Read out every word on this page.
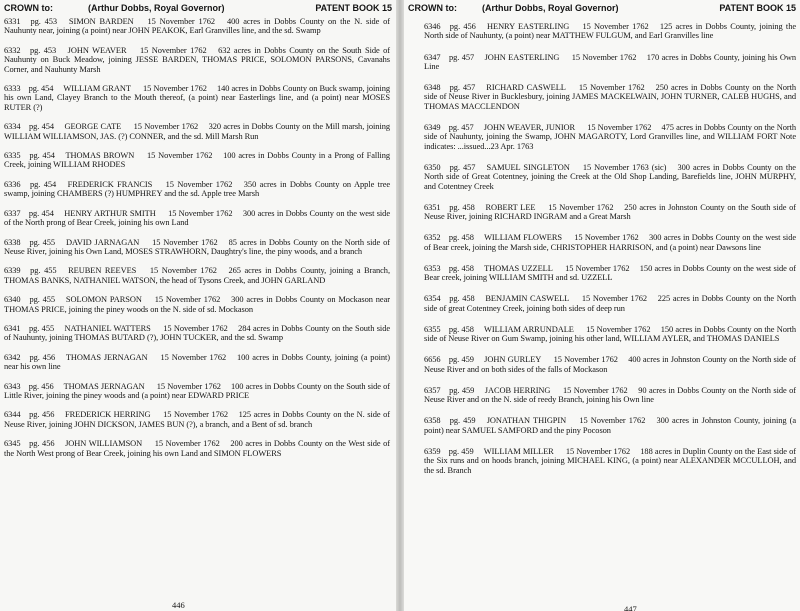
CROWN to:	(Arthur Dobbs, Royal Governor)	PATENT BOOK 15

6331 pg. 453 SIMON BARDEN 15 November 1762 400 acres in Dobbs County on the N. side of Nauhunty near, joining (a point) near JOHN PEAKOK, Earl Granvilles line, and the sd. Swamp

6332 pg. 453 JOHN WEAVER 15 November 1762 632 acres in Dobbs County on the South Side of Nauhunty on Buck Meadow, joining JESSE BARDEN, THOMAS PRICE, SOLOMON PARSONS, Cavanahs Corner, and Nauhunty Marsh

6333 pg. 454 WILLIAM GRANT 15 November 1762 140 acres in Dobbs County on Buck swamp, joining his own Land, Clayey Branch to the Mouth thereof, (a point) near Easterlings line, and (a point) near MOSES RUTER (?)

6334 pg. 454 GEORGE CATE 15 November 1762 320 acres in Dobbs County on the Mill marsh, joining WILLIAM WILLIAMSON, JAS. (?) CONNER, and the sd. Mill Marsh Run

6335 pg. 454 THOMAS BROWN 15 November 1762 100 acres in Dobbs County in a Prong of Falling Creek, joining WILLIAM RHODES

6336 pg. 454 FREDERICK FRANCIS 15 November 1762 350 acres in Dobbs County on Apple tree swamp, joining CHAMBERS (?) HUMPHREY and the sd. Apple tree Marsh

6337 pg. 454 HENRY ARTHUR SMITH 15 November 1762 300 acres in Dobbs County on the west side of the North prong of Bear Creek, joining his own Land

6338 pg. 455 DAVID JARNAGAN 15 November 1762 85 acres in Dobbs County on the North side of Neuse River, joining his Own Land, MOSES STRAWHORN, Daughtry's line, the piny woods, and a branch

6339 pg. 455 REUBEN REEVES 15 November 1762 265 acres in Dobbs County, joining a Branch, THOMAS BANKS, NATHANIEL WATSON, the head of Tysons Creek, and JOHN GARLAND

6340 pg. 455 SOLOMON PARSON 15 November 1762 300 acres in Dobbs County on Mockason near THOMAS PRICE, joining the piney woods on the N. side of sd. Mockason

6341 pg. 455 NATHANIEL WATTERS 15 November 1762 284 acres in Dobbs County on the South side of Nauhunty, joining THOMAS BUTARD (?), JOHN TUCKER, and the sd. Swamp

6342 pg. 456 THOMAS JERNAGAN 15 November 1762 100 acres in Dobbs County, joining (a point) near his own line

6343 pg. 456 THOMAS JERNAGAN 15 November 1762 100 acres in Dobbs County on the South side of Little River, joining the piney woods and (a point) near EDWARD PRICE

6344 pg. 456 FREDERICK HERRING 15 November 1762 125 acres in Dobbs County on the N. side of Neuse River, joining JOHN DICKSON, JAMES BUN (?), a branch, and a Bent of sd. branch

6345 pg. 456 JOHN WILLIAMSON 15 November 1762 200 acres in Dobbs County on the West side of the North West prong of Bear Creek, joining his own Land and SIMON FLOWERS

446
CROWN to:	(Arthur Dobbs, Royal Governor)	PATENT BOOK 15

6346 pg. 456 HENRY EASTERLING 15 November 1762 125 acres in Dobbs County, joining the North side of Nauhunty, (a point) near MATTHEW FULGUM, and Earl Granvilles line

6347 pg. 457 JOHN EASTERLING 15 November 1762 170 acres in Dobbs County, joining his Own Line

6348 pg. 457 RICHARD CASWELL 15 November 1762 250 acres in Dobbs County on the North side of Neuse River in Bucklesbury, joining JAMES MACKELWAIN, JOHN TURNER, CALEB HUGHS, and THOMAS MACCLENDON

6349 pg. 457 JOHN WEAVER, JUNIOR 15 November 1762 475 acres in Dobbs County on the North side of Nauhunty, joining the Swamp, JOHN MAGAROTY, Lord Granvilles line, and WILLIAM FORT Note indicates: ...issued...23 Apr. 1763

6350 pg. 457 SAMUEL SINGLETON 15 November 1763 (sic) 300 acres in Dobbs County on the North side of Great Cotentney, joining the Creek at the Old Shop Landing, Barefields line, JOHN MURPHY, and Cotentney Creek

6351 pg. 458 ROBERT LEE 15 November 1762 250 acres in Johnston County on the South side of Neuse River, joining RICHARD INGRAM and a Great Marsh

6352 pg. 458 WILLIAM FLOWERS 15 November 1762 300 acres in Dobbs County on the west side of Bear creek, joining the Marsh side, CHRISTOPHER HARRISON, and (a point) near Dawsons line

6353 pg. 458 THOMAS UZZELL 15 November 1762 150 acres in Dobbs County on the west side of Bear creek, joining WILLIAM SMITH and sd. UZZELL

6354 pg. 458 BENJAMIN CASWELL 15 November 1762 225 acres in Dobbs County on the North side of great Cotentney Creek, joining both sides of deep run

6355 pg. 458 WILLIAM ARRUNDALE 15 November 1762 150 acres in Dobbs County on the North side of Neuse River on Gum Swamp, joining his other land, WILLIAM AYLER, and THOMAS DANIELS

6656 pg. 459 JOHN GURLEY 15 November 1762 400 acres in Johnston County on the North side of Neuse River and on both sides of the falls of Mockason

6357 pg. 459 JACOB HERRING 15 November 1762 90 acres in Dobbs County on the North side of Neuse River and on the N. side of reedy Branch, joining his Own line

6358 pg. 459 JONATHAN THIGPIN 15 November 1762 300 acres in Johnston County, joining (a point) near SAMUEL SAMFORD and the piny Pocoson

6359 pg. 459 WILLIAM MILLER 15 November 1762 188 acres in Duplin County on the East side of the Six runs and on hoods branch, joining MICHAEL KING, (a point) near ALEXANDER MCCULLOH, and the sd. Branch

447
